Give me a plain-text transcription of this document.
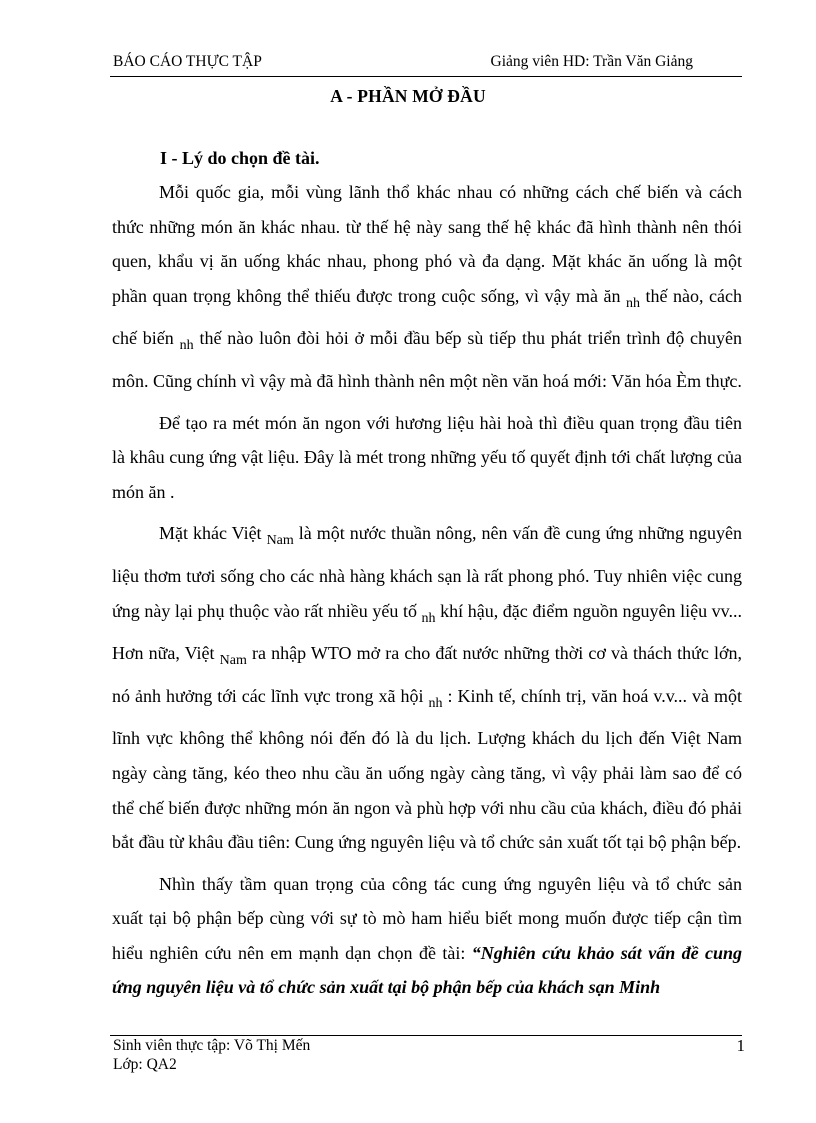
BÁO CÁO THỰC TẬP	Giảng viên HD: Trần Văn Giảng
A - PHẦN MỞ ĐẦU
I - Lý do chọn đề tài.

Mỗi quốc gia, mỗi vùng lãnh thổ khác nhau có những cách chế biến và cách thức những món ăn khác nhau. từ thế hệ này sang thế hệ khác đã hình thành nên thói quen, khẩu vị ăn uống khác nhau, phong phó và đa dạng. Mặt khác ăn uống là một phần quan trọng không thể thiếu được trong cuộc sống, vì vậy mà ăn $_{nh}$ thế nào, cách chế biến $_{nh}$ thế nào luôn đòi hỏi ở mỗi đầu bếp sù tiếp thu phát triển trình độ chuyên môn. Cũng chính vì vậy mà đã hình thành nên một nền văn hoá mới: Văn hóa Èm thực.

Để tạo ra mét món ăn ngon với hương liệu hài hoà thì điều quan trọng đầu tiên là khâu cung ứng vật liệu. Đây là mét trong những yếu tố quyết định tới chất lượng của món ăn .

Mặt khác Việt $_{Nam}$ là một nước thuần nông, nên vấn đề cung ứng những nguyên liệu thơm tươi sống cho các nhà hàng khách sạn là rất phong phó. Tuy nhiên việc cung ứng này lại phụ thuộc vào rất nhiều yếu tố $_{nh}$ khí hậu, đặc điểm nguồn nguyên liệu vv... Hơn nữa, Việt $_{Nam}$ ra nhập WTO mở ra cho đất nước những thời cơ và thách thức lớn, nó ảnh hưởng tới các lĩnh vực trong xã hội $_{nh}$ : Kinh tế, chính trị, văn hoá v.v... và một lĩnh vực không thể không nói đến đó là du lịch. Lượng khách du lịch đến Việt Nam ngày càng tăng, kéo theo nhu cầu ăn uống ngày càng tăng, vì vậy phải làm sao để có thể chế biến được những món ăn ngon và phù hợp với nhu cầu của khách, điều đó phải bắt đầu từ khâu đầu tiên: Cung ứng nguyên liệu và tổ chức sản xuất tốt tại bộ phận bếp.

Nhìn thấy tầm quan trọng của công tác cung ứng nguyên liệu và tổ chức sản xuất tại bộ phận bếp cùng với sự tò mò ham hiểu biết mong muốn được tiếp cận tìm hiểu nghiên cứu nên em mạnh dạn chọn đề tài: “Nghiên cứu khảo sát vấn đề cung ứng nguyên liệu và tổ chức sản xuất tại bộ phận bếp của khách sạn Minh

Sinh viên thực tập: Võ Thị Mến
Lớp: QA2
1
